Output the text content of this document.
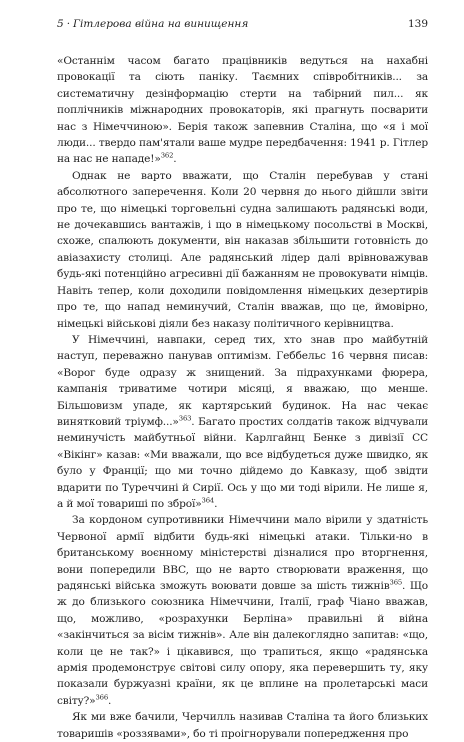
5 · Гітлерова війна на винищення	139

«Останнім часом багато працівників ведуться на нахабні провокації та сіють паніку. Таємних співробітників... за систематичну дезінформацію стерти на табірний пил... як поплічників міжнародних провокаторів, які прагнуть посварити нас з Німеччиною». Берія також запевнив Сталіна, що «я і мої люди... твердо пам'ятали ваше мудре передбачення: 1941 р. Гітлер на нас не нападе!»$^{362}$.

Однак не варто вважати, що Сталін перебував у стані абсолютного заперечення. Коли 20 червня до нього дійшли звіти про те, що німецькі торговельні судна залишають радянські води, не дочекавшись вантажів, і що в німецькому посольстві в Москві, схоже, спалюють документи, він наказав збільшити готовність до авіазахисту столиці. Але радянський лідер далі врівноважував будь-які потенційно агресивні дії бажанням не провокувати німців. Навіть тепер, коли доходили повідомлення німецьких дезертирів про те, що напад неминучий, Сталін вважав, що це, ймовірно, німецькі військові діяли без наказу політичного керівництва.

У Німеччині, навпаки, серед тих, хто знав про майбутній наступ, переважно панував оптимізм. Геббельс 16 червня писав: «Ворог буде одразу ж знищений. За підрахунками фюрера, кампанія триватиме чотири місяці, я вважаю, що менше. Більшовизм упаде, як картярський будинок. На нас чекає винятковий тріумф...»$^{363}$. Багато простих солдатів також відчували неминучість майбутньої війни. Карлгайнц Бенке з дивізії СС «Вікінг» казав: «Ми вважали, що все відбудеться дуже швидко, як було у Франції; що ми точно дійдемо до Кавказу, щоб звідти вдарити по Туреччині й Сирії. Ось у що ми тоді вірили. Не лише я, а й мої товариші по зброї»$^{364}$.

За кордоном супротивники Німеччини мало вірили у здатність Червоної армії відбити будь-які німецькі атаки. Тільки-но в британському воєнному міністерстві дізналися про вторгнення, вони попередили BBC, що не варто створювати враження, що радянські війська зможуть воювати довше за шість тижнів$^{365}$. Що ж до близького союзника Німеччини, Італії, граф Чіано вважав, що, можливо, «розрахунки Берліна» правильні й війна «закінчиться за вісім тижнів». Але він далекоглядно запитав: «що, коли це не так?» і цікавився, що трапиться, якщо «радянська армія продемонструє світові силу опору, яка перевершить ту, яку показали буржуазні країни, як це вплине на пролетарські маси світу?»$^{366}$.

Як ми вже бачили, Черчилль називав Сталіна та його близьких товаришів «роззявами», бо ті проігнорували попередження про
